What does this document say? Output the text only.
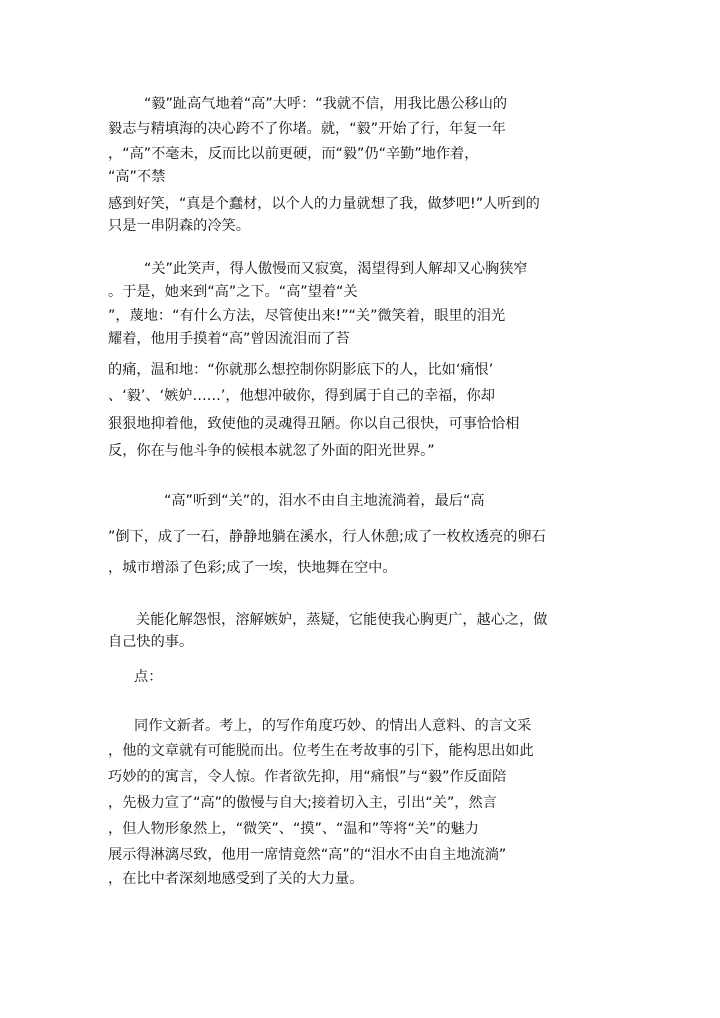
“毅”趾高气地着“高”大呼：“我就不信，用我比愚公移山的

毅志与精填海的决心跨不了你堵。就，“毅”开始了行，年复一年

，“高”不毫未，反而比以前更硬，而“毅”仍“辛勤”地作着，

“高”不禁

感到好笑，“真是个蠢材，以个人的力量就想了我，做梦吧!”人听到的

只是一串阴森的冷笑。

“关”此笑声，得人傲慢而又寂寞，渴望得到人解却又心胸狭窄

。于是，她来到“高”之下。“高”望着“关

”，蔑地：“有什么方法，尽管使出来!”“关”微笑着，眼里的泪光

耀着，他用手摸着“高”曾因流泪而了苔

的痛，温和地：“你就那么想控制你阴影底下的人，比如‘痛恨’

、‘毅’、‘嫉妒……’，他想冲破你，得到属于自己的幸福，你却

狠狠地抑着他，致使他的灵魂得丑陋。你以自己很快，可事恰恰相

反，你在与他斗争的候根本就忽了外面的阳光世界。”

“高”听到“关”的，泪水不由自主地流淌着，最后“高

”倒下，成了一石，静静地躺在溪水，行人休憩;成了一枚枚透亮的卵石

，城市增添了色彩;成了一埃，快地舞在空中。

关能化解怨恨，溶解嫉妒，蒸疑，它能使我心胸更广，越心之，做

自己快的事。

点：

同作文新者。考上，的写作角度巧妙、的情出人意料、的言文采

，他的文章就有可能脱而出。位考生在考故事的引下，能构思出如此

巧妙的的寓言，令人惊。作者欲先抑，用“痛恨”与“毅”作反面陪

，先极力宣了“高”的傲慢与自大;接着切入主，引出“关”，然言

，但人物形象然上，“微笑”、“摸”、“温和”等将“关”的魅力

展示得淋漓尽致，他用一席情竟然“高”的“泪水不由自主地流淌”

，在比中者深刻地感受到了关的大力量。
